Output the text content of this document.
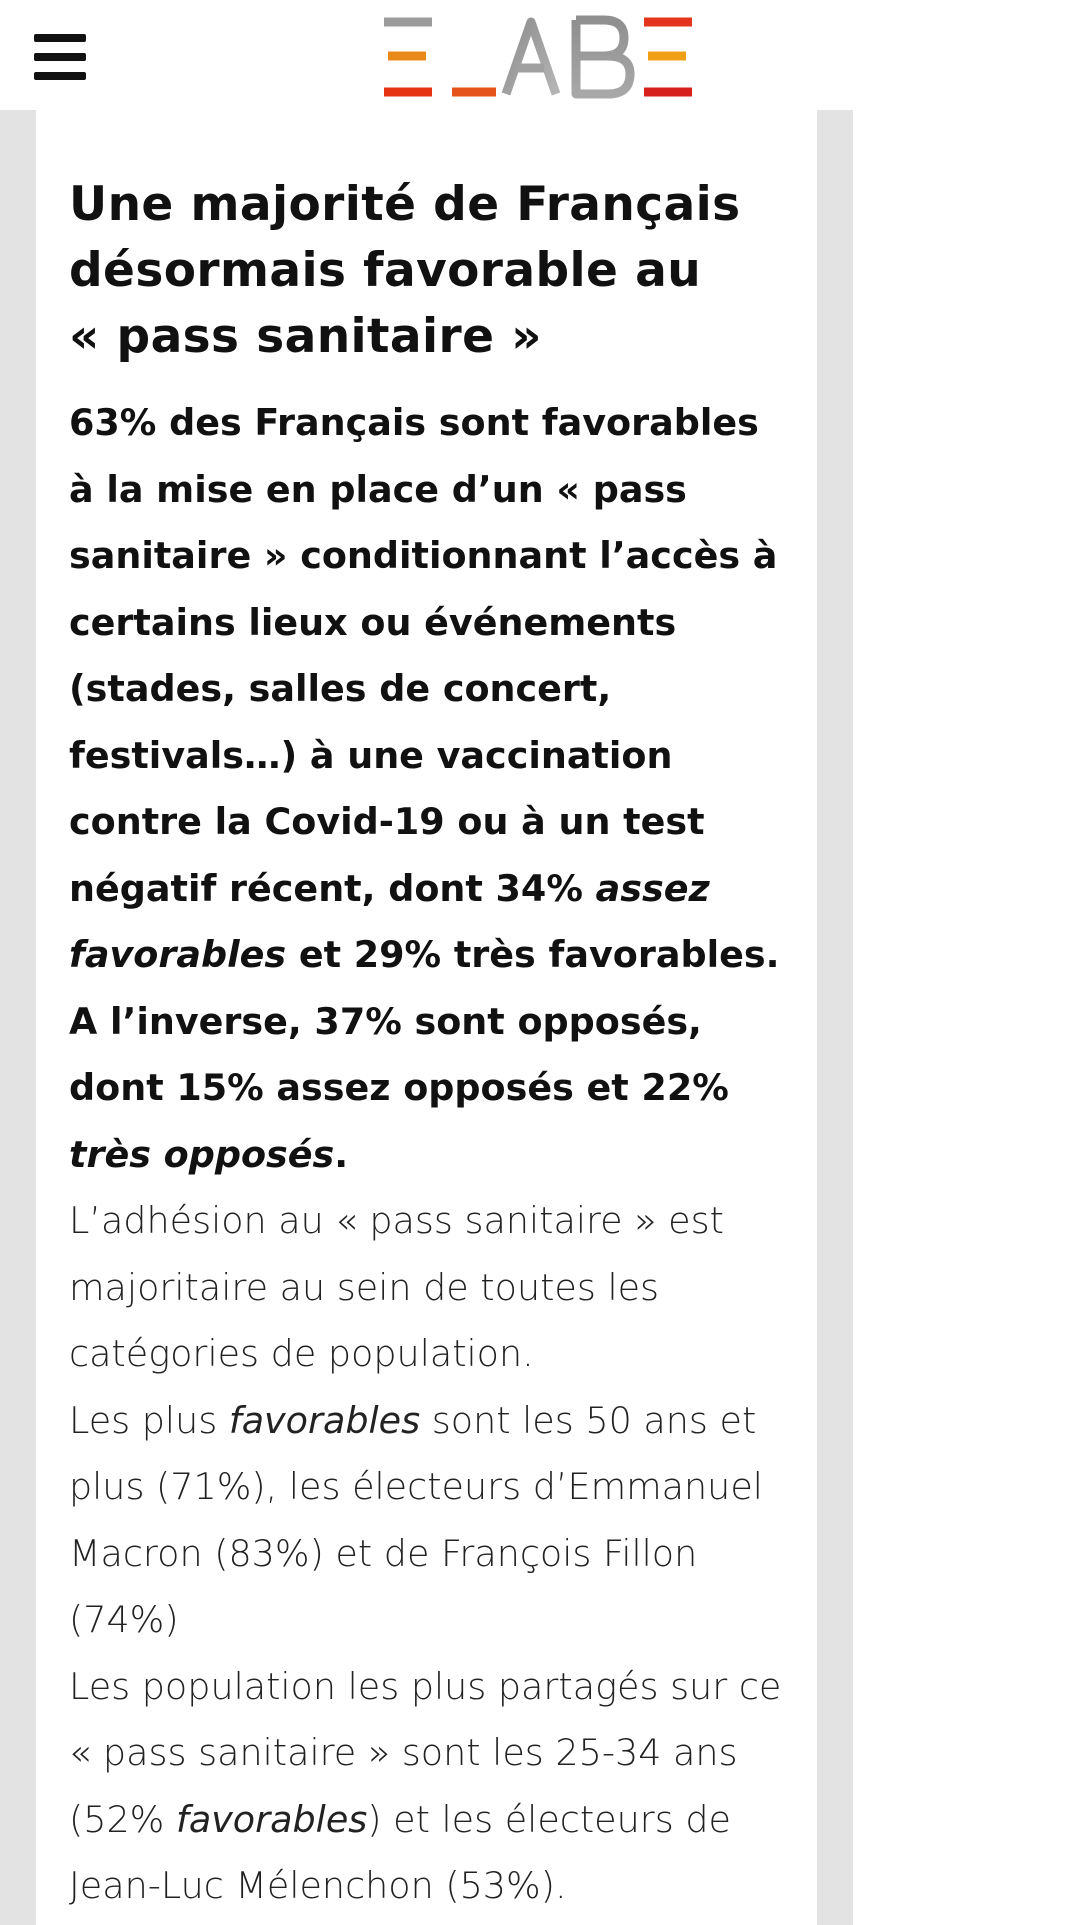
Une majorité de Français
désormais favorable au
« pass sanitaire »

63% des Français sont favorables à la mise en place d’un « pass sanitaire » conditionnant l’accès à certains lieux ou événements (stades, salles de concert, festivals…) à une vaccination contre la Covid-19 ou à un test négatif récent, dont 34% assez favorables et 29% très favorables. A l’inverse, 37% sont opposés, dont 15% assez opposés et 22% très opposés.

L’adhésion au « pass sanitaire » est majoritaire au sein de toutes les catégories de population.

Les plus favorables sont les 50 ans et plus (71%), les électeurs d’Emmanuel Macron (83%) et de François Fillon (74%)

Les population les plus partagés sur ce « pass sanitaire » sont les 25-34 ans (52% favorables) et les électeurs de Jean-Luc Mélenchon (53%).
